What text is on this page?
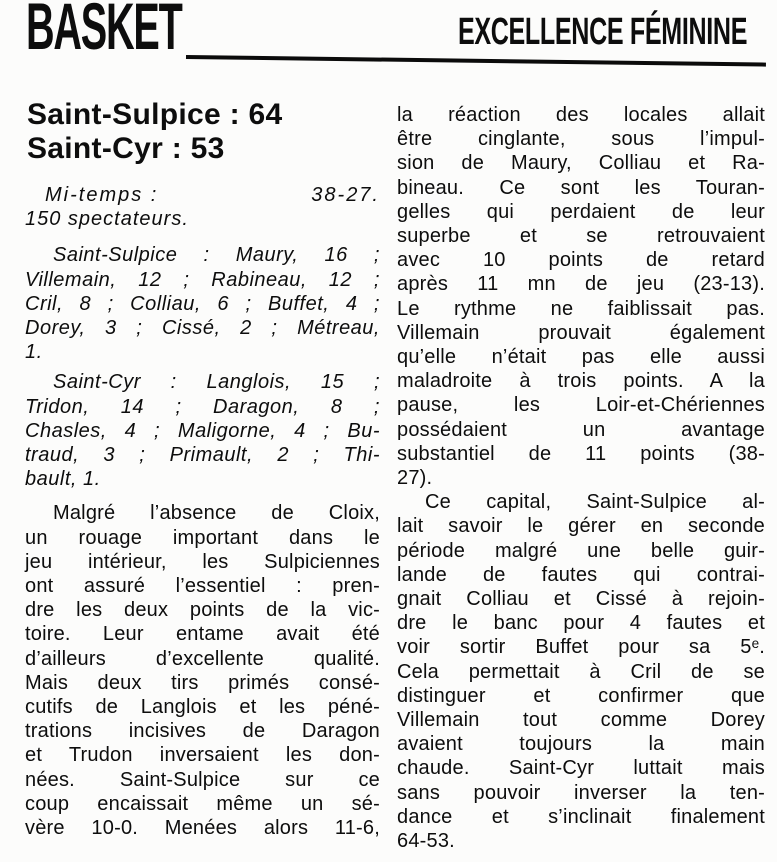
BASKET	EXCELLENCE FÉMININE
Saint-Sulpice : 64
Saint-Cyr : 53
Mi-temps :	38-27.
150 spectateurs.
Saint-Sulpice : Maury, 16 ;
Villemain, 12 ; Rabineau, 12 ;
Cril, 8 ; Colliau, 6 ; Buffet, 4 ;
Dorey, 3 ; Cissé, 2 ; Métreau,
1.
Saint-Cyr : Langlois, 15 ;
Tridon, 14 ; Daragon, 8 ;
Chasles, 4 ; Maligorne, 4 ; Bu-
traud, 3 ; Primault, 2 ; Thi-
bault, 1.
Malgré l’absence de Cloix,
un rouage important dans le
jeu intérieur, les Sulpiciennes
ont assuré l’essentiel : pren-
dre les deux points de la vic-
toire. Leur entame avait été
d’ailleurs d’excellente qualité.
Mais deux tirs primés consé-
cutifs de Langlois et les péné-
trations incisives de Daragon
et Trudon inversaient les don-
nées. Saint-Sulpice sur ce
coup encaissait même un sé-
vère 10-0. Menées alors 11-6,
la réaction des locales allait
être cinglante, sous l’impul-
sion de Maury, Colliau et Ra-
bineau. Ce sont les Touran-
gelles qui perdaient de leur
superbe et se retrouvaient
avec 10 points de retard
après 11 mn de jeu (23-13).
Le rythme ne faiblissait pas.
Villemain prouvait également
qu’elle n’était pas elle aussi
maladroite à trois points. A la
pause, les Loir-et-Chériennes
possédaient un avantage
substantiel de 11 points (38-
27).
Ce capital, Saint-Sulpice al-
lait savoir le gérer en seconde
période malgré une belle guir-
lande de fautes qui contrai-
gnait Colliau et Cissé à rejoin-
dre le banc pour 4 fautes et
voir sortir Buffet pour sa 5ᵉ.
Cela permettait à Cril de se
distinguer et confirmer que
Villemain tout comme Dorey
avaient toujours la main
chaude. Saint-Cyr luttait mais
sans pouvoir inverser la ten-
dance et s’inclinait finalement
64-53.
